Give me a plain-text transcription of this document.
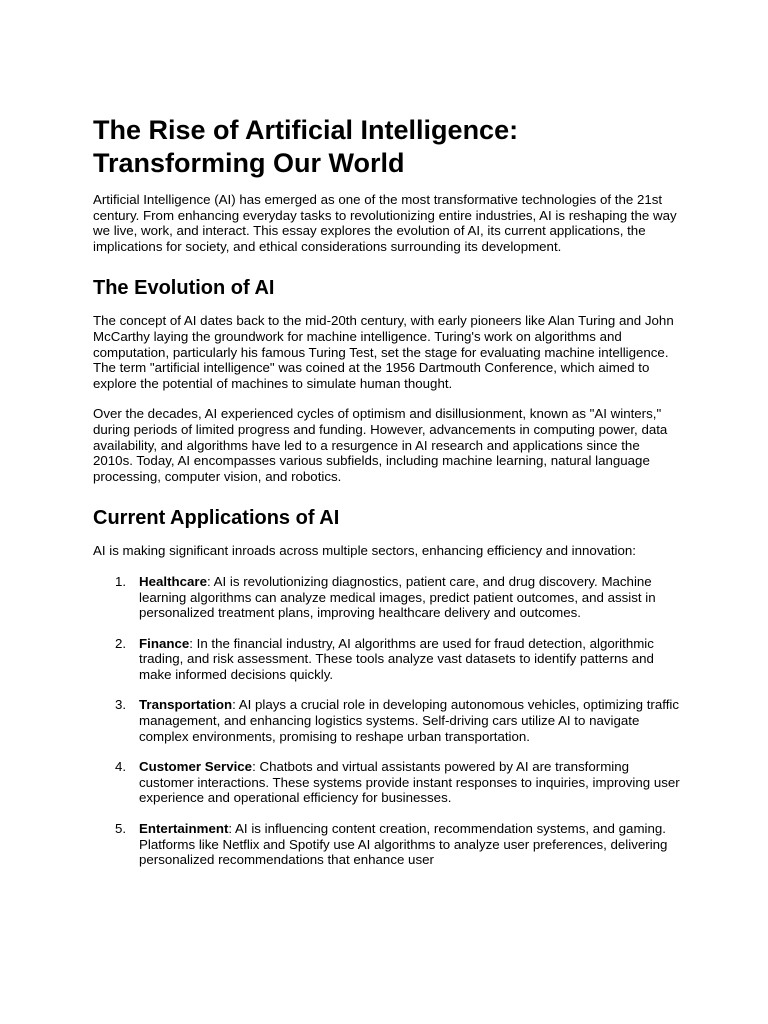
The Rise of Artificial Intelligence: Transforming Our World

Artificial Intelligence (AI) has emerged as one of the most transformative technologies of the 21st century. From enhancing everyday tasks to revolutionizing entire industries, AI is reshaping the way we live, work, and interact. This essay explores the evolution of AI, its current applications, the implications for society, and ethical considerations surrounding its development.

The Evolution of AI

The concept of AI dates back to the mid-20th century, with early pioneers like Alan Turing and John McCarthy laying the groundwork for machine intelligence. Turing's work on algorithms and computation, particularly his famous Turing Test, set the stage for evaluating machine intelligence. The term "artificial intelligence" was coined at the 1956 Dartmouth Conference, which aimed to explore the potential of machines to simulate human thought.

Over the decades, AI experienced cycles of optimism and disillusionment, known as "AI winters," during periods of limited progress and funding. However, advancements in computing power, data availability, and algorithms have led to a resurgence in AI research and applications since the 2010s. Today, AI encompasses various subfields, including machine learning, natural language processing, computer vision, and robotics.

Current Applications of AI

AI is making significant inroads across multiple sectors, enhancing efficiency and innovation:

1. Healthcare: AI is revolutionizing diagnostics, patient care, and drug discovery. Machine learning algorithms can analyze medical images, predict patient outcomes, and assist in personalized treatment plans, improving healthcare delivery and outcomes.
2. Finance: In the financial industry, AI algorithms are used for fraud detection, algorithmic trading, and risk assessment. These tools analyze vast datasets to identify patterns and make informed decisions quickly.
3. Transportation: AI plays a crucial role in developing autonomous vehicles, optimizing traffic management, and enhancing logistics systems. Self-driving cars utilize AI to navigate complex environments, promising to reshape urban transportation.
4. Customer Service: Chatbots and virtual assistants powered by AI are transforming customer interactions. These systems provide instant responses to inquiries, improving user experience and operational efficiency for businesses.
5. Entertainment: AI is influencing content creation, recommendation systems, and gaming. Platforms like Netflix and Spotify use AI algorithms to analyze user preferences, delivering personalized recommendations that enhance user
